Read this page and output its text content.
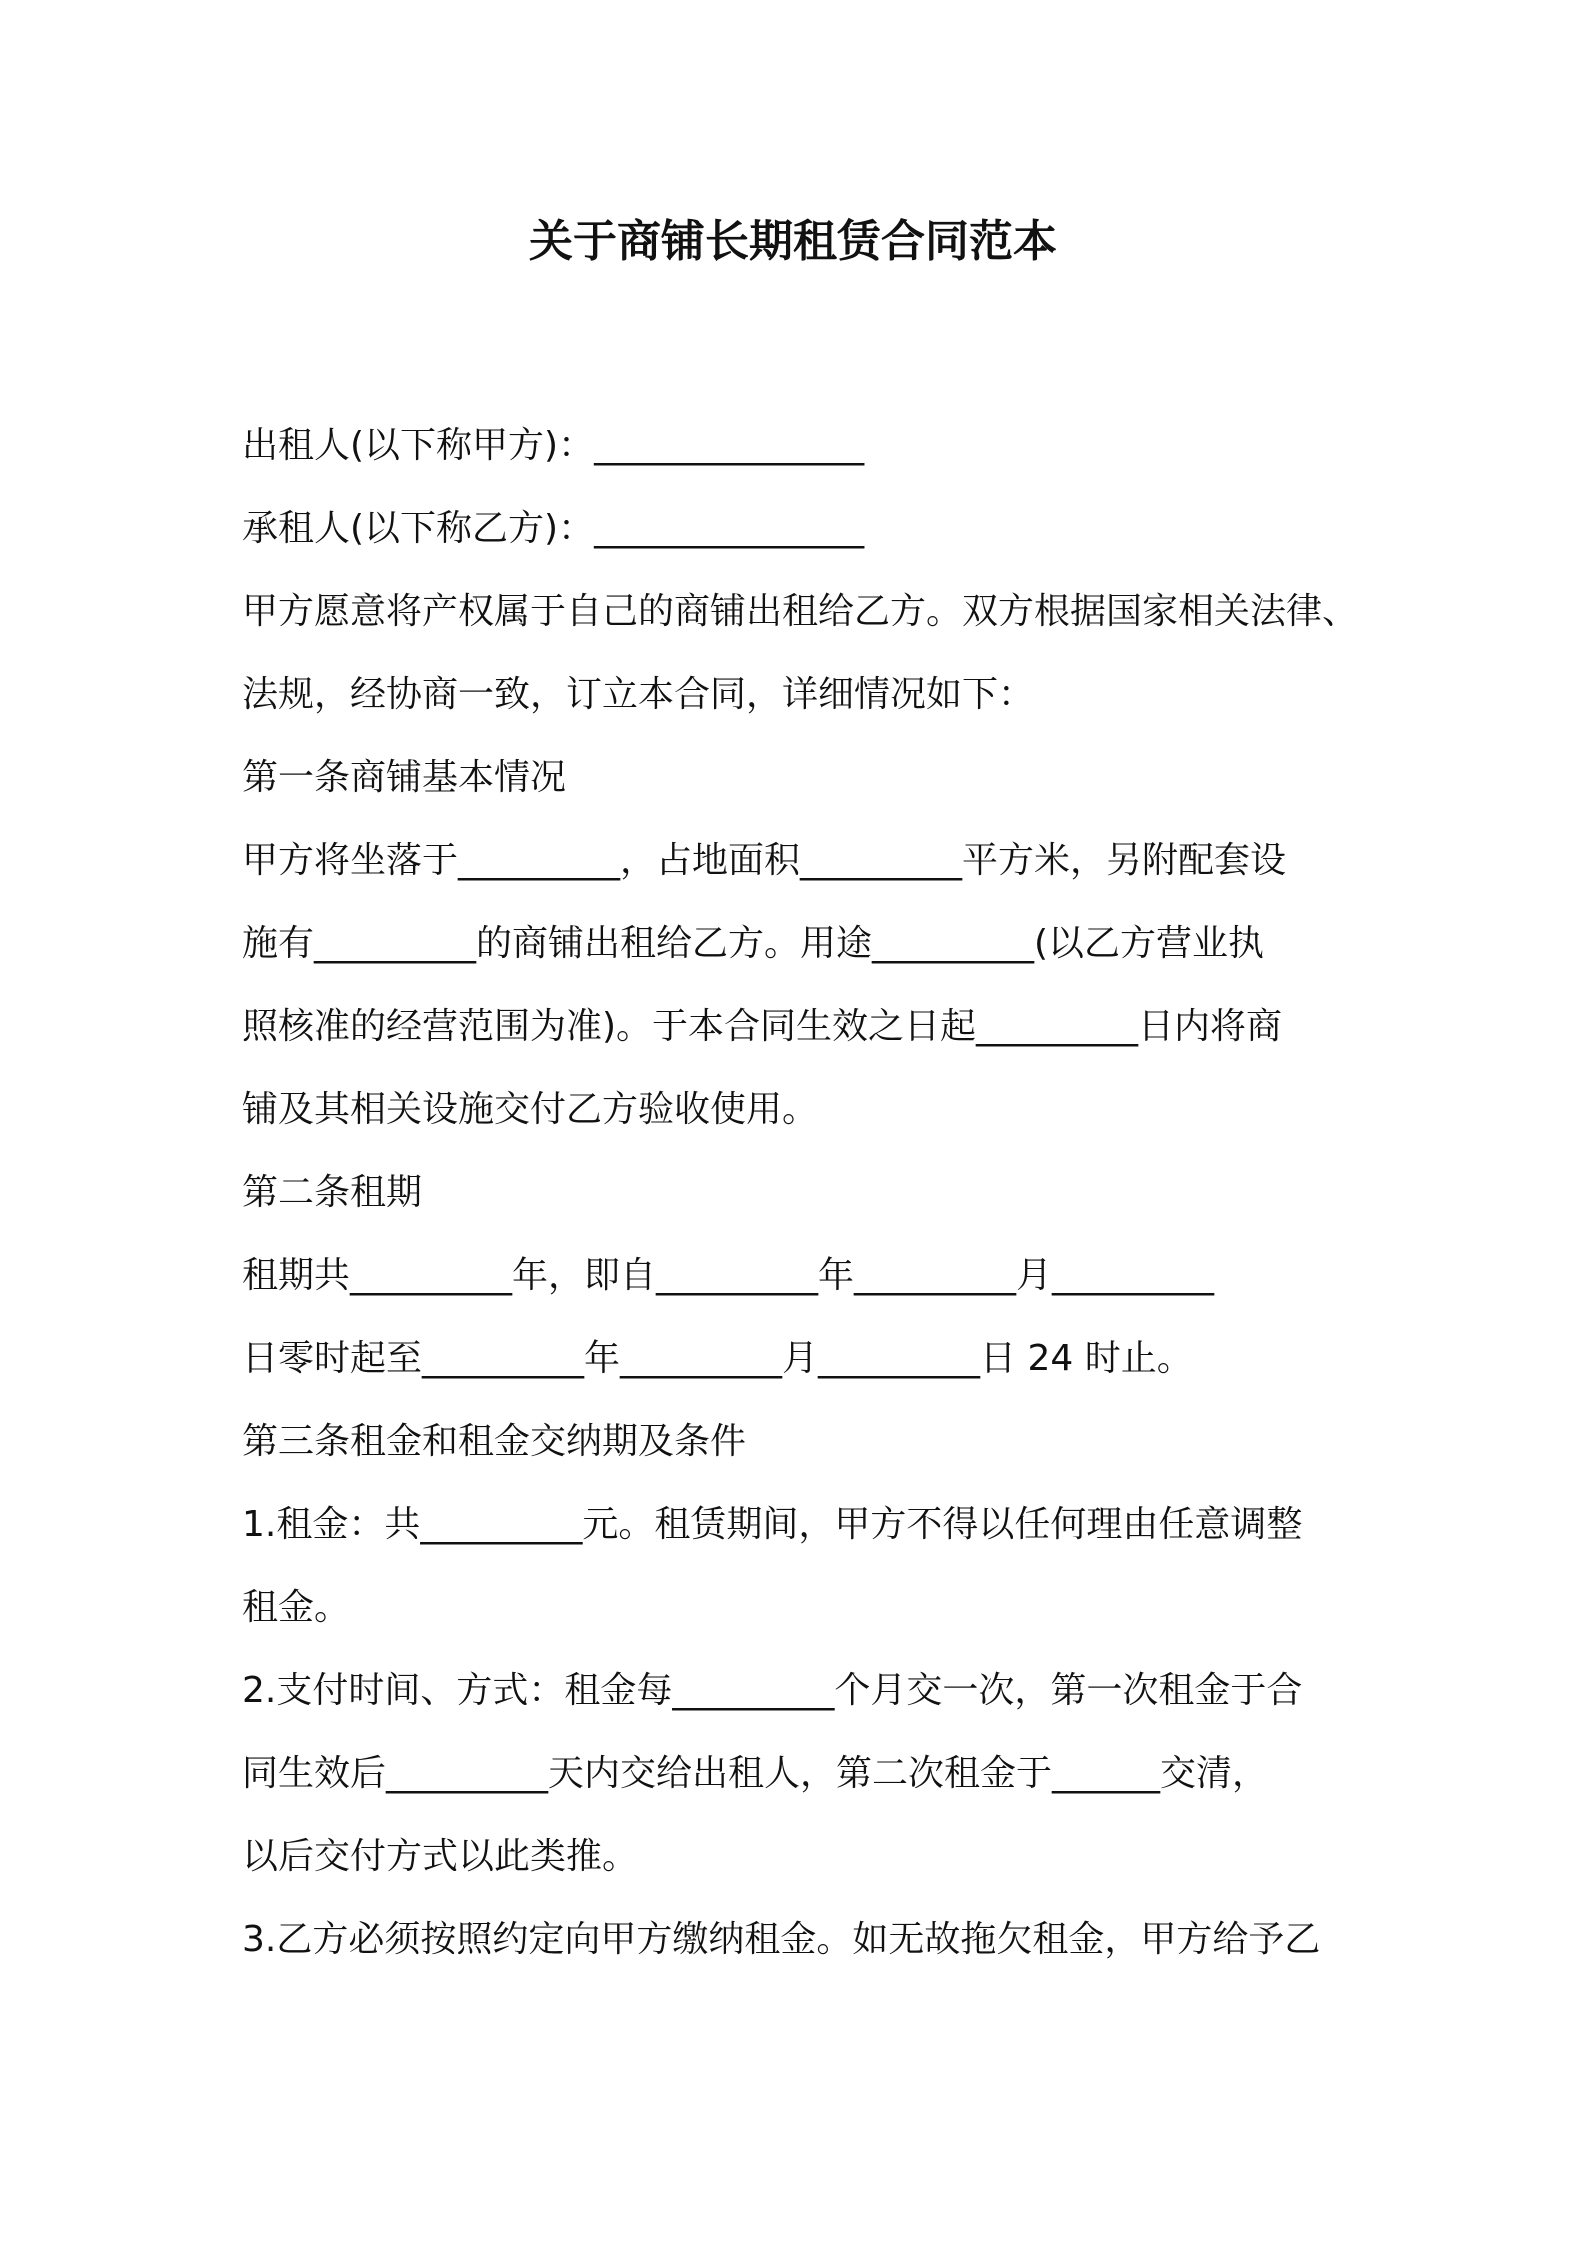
关于商铺长期租赁合同范本

出租人(以下称甲方)：_______________

承租人(以下称乙方)：_______________

甲方愿意将产权属于自己的商铺出租给乙方。双方根据国家相关法律、

法规，经协商一致，订立本合同，详细情况如下：

第一条商铺基本情况

甲方将坐落于_________，占地面积_________平方米，另附配套设

施有_________的商铺出租给乙方。用途_________(以乙方营业执

照核准的经营范围为准)。于本合同生效之日起_________日内将商

铺及其相关设施交付乙方验收使用。

第二条租期

租期共_________年，即自_________年_________月_________

日零时起至_________年_________月_________日 24 时止。

第三条租金和租金交纳期及条件

1.租金：共_________元。租赁期间，甲方不得以任何理由任意调整

租金。

2.支付时间、方式：租金每_________个月交一次，第一次租金于合

同生效后_________天内交给出租人，第二次租金于______交清，

以后交付方式以此类推。

3.乙方必须按照约定向甲方缴纳租金。如无故拖欠租金，甲方给予乙
